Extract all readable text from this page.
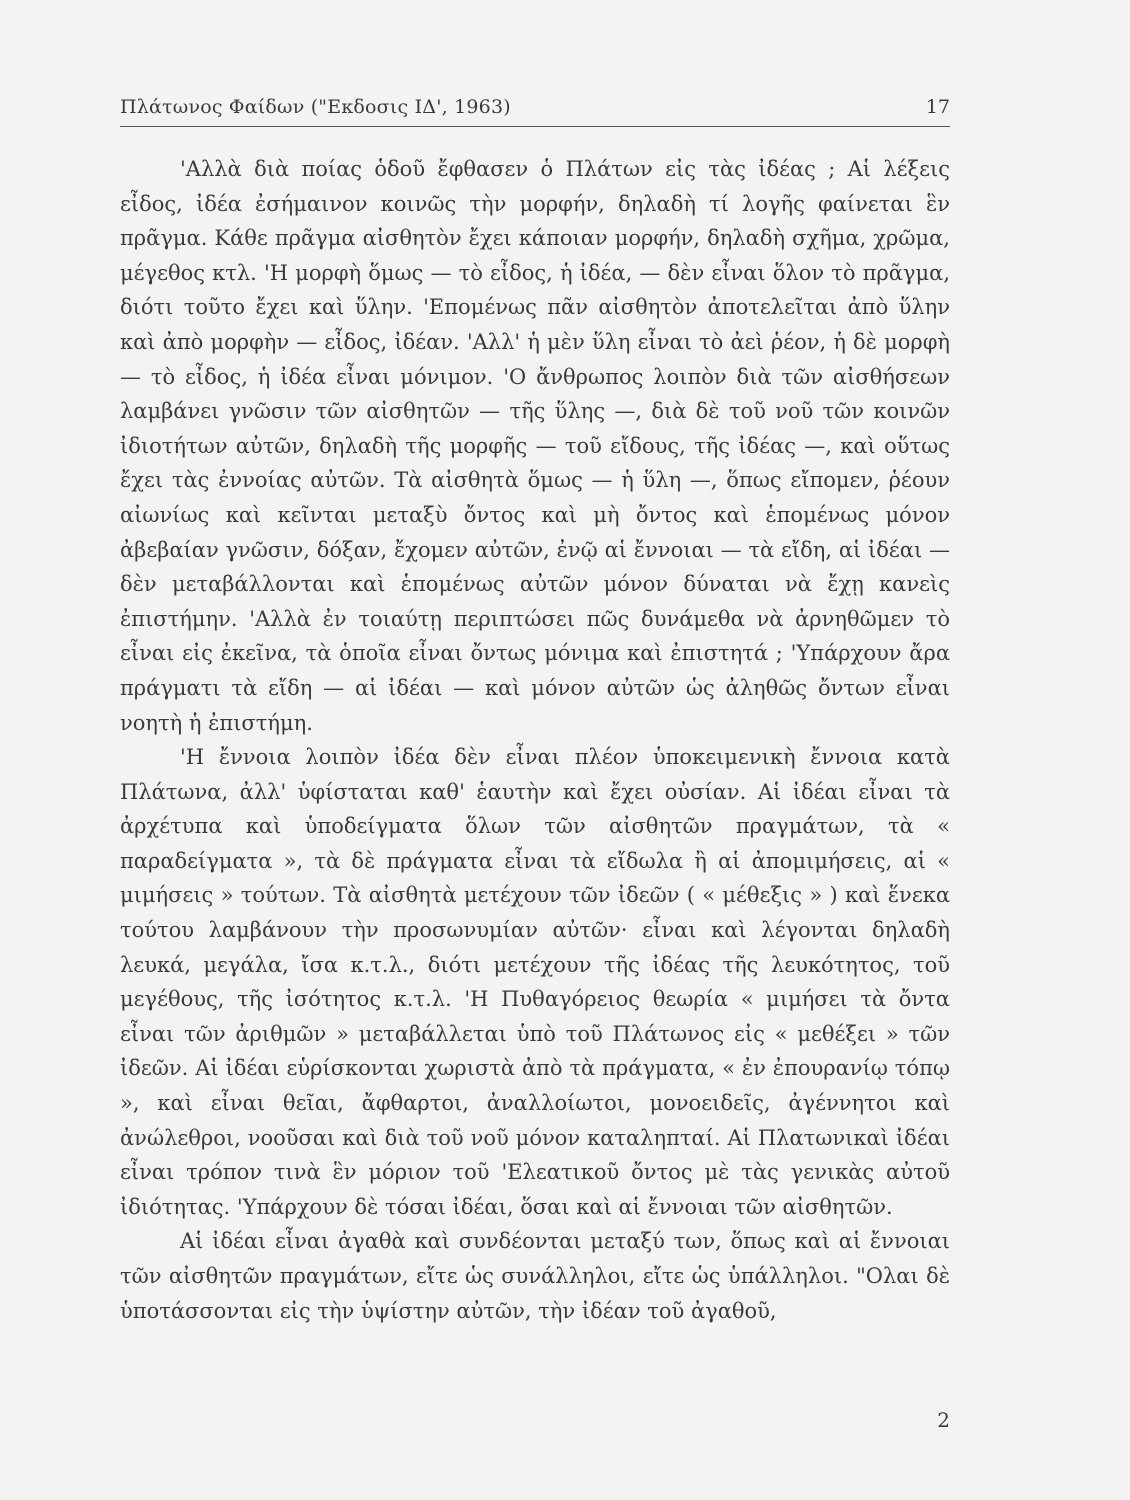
Πλάτωνος Φαίδων ("Εκδοσις ΙΔ', 1963)	17

'Αλλὰ διὰ ποίας ὁδοῦ ἔφθασεν ὁ Πλάτων εἰς τὰς ἰδέας ; Αἱ λέξεις εἶδος, ἰδέα ἐσήμαινον κοινῶς τὴν μορφήν, δηλαδὴ τί λογῆς φαίνεται ἓν πρᾶγμα. Κάθε πρᾶγμα αἰσθητὸν ἔχει κάποιαν μορφήν, δηλαδὴ σχῆμα, χρῶμα, μέγεθος κτλ. 'Η μορφὴ ὅμως — τὸ εἶδος, ἡ ἰδέα, — δὲν εἶναι ὅλον τὸ πρᾶγμα, διότι τοῦτο ἔχει καὶ ὕλην. 'Επομένως πᾶν αἰσθητὸν ἀποτελεῖται ἀπὸ ὕλην καὶ ἀπὸ μορφὴν — εἶδος, ἰδέαν. 'Αλλ' ἡ μὲν ὕλη εἶναι τὸ ἀεὶ ῥέον, ἡ δὲ μορφὴ — τὸ εἶδος, ἡ ἰδέα εἶναι μόνιμον. 'Ο ἄνθρωπος λοιπὸν διὰ τῶν αἰσθήσεων λαμβάνει γνῶσιν τῶν αἰσθητῶν — τῆς ὕλης —, διὰ δὲ τοῦ νοῦ τῶν κοινῶν ἰδιοτήτων αὐτῶν, δηλαδὴ τῆς μορφῆς — τοῦ εἴδους, τῆς ἰδέας —, καὶ οὕτως ἔχει τὰς ἐννοίας αὐτῶν. Τὰ αἰσθητὰ ὅμως — ἡ ὕλη —, ὅπως εἴπομεν, ῥέουν αἰωνίως καὶ κεῖνται μεταξὺ ὄντος καὶ μὴ ὄντος καὶ ἑπομένως μόνον ἀβεβαίαν γνῶσιν, δόξαν, ἔχομεν αὐτῶν, ἐνῷ αἱ ἔννοιαι — τὰ εἴδη, αἱ ἰδέαι — δὲν μεταβάλλονται καὶ ἑπομένως αὐτῶν μόνον δύναται νὰ ἔχῃ κανεὶς ἐπιστήμην. 'Αλλὰ ἐν τοιαύτῃ περιπτώσει πῶς δυνάμεθα νὰ ἀρνηθῶμεν τὸ εἶναι εἰς ἐκεῖνα, τὰ ὁποῖα εἶναι ὄντως μόνιμα καὶ ἐπιστητά ; 'Υπάρχουν ἄρα πράγματι τὰ εἴδη — αἱ ἰδέαι — καὶ μόνον αὐτῶν ὡς ἀληθῶς ὄντων εἶναι νοητὴ ἡ ἐπιστήμη.

'Η ἔννοια λοιπὸν ἰδέα δὲν εἶναι πλέον ὑποκειμενικὴ ἔννοια κατὰ Πλάτωνα, ἀλλ' ὑφίσταται καθ' ἑαυτὴν καὶ ἔχει οὐσίαν. Αἱ ἰδέαι εἶναι τὰ ἀρχέτυπα καὶ ὑποδείγματα ὅλων τῶν αἰσθητῶν πραγμάτων, τὰ « παραδείγματα », τὰ δὲ πράγματα εἶναι τὰ εἴδωλα ἢ αἱ ἀπομιμήσεις, αἱ « μιμήσεις » τούτων. Τὰ αἰσθητὰ μετέχουν τῶν ἰδεῶν ( « μέθεξις » ) καὶ ἕνεκα τούτου λαμβάνουν τὴν προσωνυμίαν αὐτῶν· εἶναι καὶ λέγονται δηλαδὴ λευκά, μεγάλα, ἴσα κ.τ.λ., διότι μετέχουν τῆς ἰδέας τῆς λευκότητος, τοῦ μεγέθους, τῆς ἰσότητος κ.τ.λ. 'Η Πυθαγόρειος θεωρία « μιμήσει τὰ ὄντα εἶναι τῶν ἀριθμῶν » μεταβάλλεται ὑπὸ τοῦ Πλάτωνος εἰς « μεθέξει » τῶν ἰδεῶν. Αἱ ἰδέαι εὑρίσκονται χωριστὰ ἀπὸ τὰ πράγματα, « ἐν ἐπουρανίῳ τόπῳ », καὶ εἶναι θεῖαι, ἄφθαρτοι, ἀναλλοίωτοι, μονοειδεῖς, ἀγέννητοι καὶ ἀνώλεθροι, νοοῦσαι καὶ διὰ τοῦ νοῦ μόνον καταληπταί. Αἱ Πλατωνικαὶ ἰδέαι εἶναι τρόπον τινὰ ἓν μόριον τοῦ 'Ελεατικοῦ ὄντος μὲ τὰς γενικὰς αὐτοῦ ἰδιότητας. 'Υπάρχουν δὲ τόσαι ἰδέαι, ὅσαι καὶ αἱ ἔννοιαι τῶν αἰσθητῶν.

Αἱ ἰδέαι εἶναι ἀγαθὰ καὶ συνδέονται μεταξύ των, ὅπως καὶ αἱ ἔννοιαι τῶν αἰσθητῶν πραγμάτων, εἴτε ὡς συνάλληλοι, εἴτε ὡς ὑπάλληλοι. "Ολαι δὲ ὑποτάσσονται εἰς τὴν ὑψίστην αὐτῶν, τὴν ἰδέαν τοῦ ἀγαθοῦ,

2
